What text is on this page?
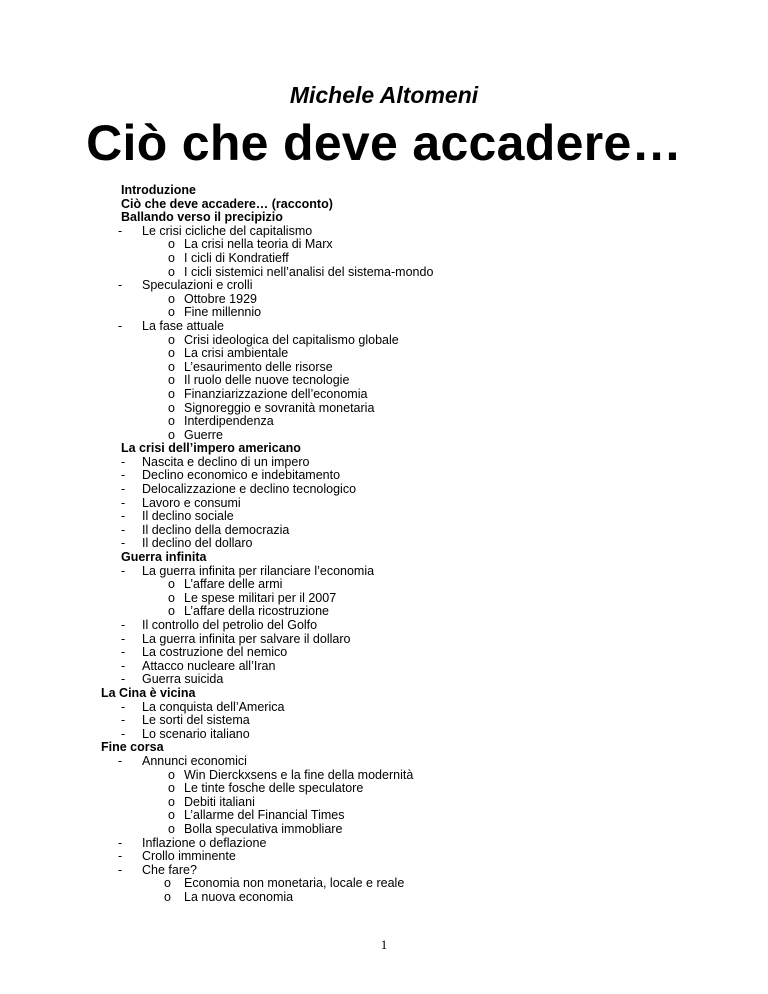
Michele Altomeni
Ciò che deve accadere…
Introduzione
Ciò che deve accadere… (racconto)
Ballando verso il precipizio
- Le crisi cicliche del capitalismo
o La crisi nella teoria di Marx
o I cicli di Kondratieff
o I cicli sistemici nell’analisi del sistema-mondo
- Speculazioni e crolli
o Ottobre 1929
o Fine millennio
- La fase attuale
o Crisi ideologica del capitalismo globale
o La crisi ambientale
o L’esaurimento delle risorse
o Il ruolo delle nuove tecnologie
o Finanziarizzazione dell’economia
o Signoreggio e sovranità monetaria
o Interdipendenza
o Guerre
La crisi dell’impero americano
- Nascita e declino di un impero
- Declino economico e indebitamento
- Delocalizzazione e declino tecnologico
- Lavoro e consumi
- Il declino sociale
- Il declino della democrazia
- Il declino del dollaro
Guerra infinita
- La guerra infinita per rilanciare l’economia
o L’affare delle armi
o Le spese militari per il 2007
o L’affare della ricostruzione
- Il controllo del petrolio del Golfo
- La guerra infinita per salvare il dollaro
- La costruzione del nemico
- Attacco nucleare all’Iran
- Guerra suicida
La Cina è vicina
- La conquista dell’America
- Le sorti del sistema
- Lo scenario italiano
Fine corsa
- Annunci economici
o Win Dierckxsens e la fine della modernità
o Le tinte fosche delle speculatore
o Debiti italiani
o L’allarme del Financial Times
o Bolla speculativa immobliare
- Inflazione o deflazione
- Crollo imminente
- Che fare?
o Economia non monetaria, locale e reale
o La nuova economia
1
